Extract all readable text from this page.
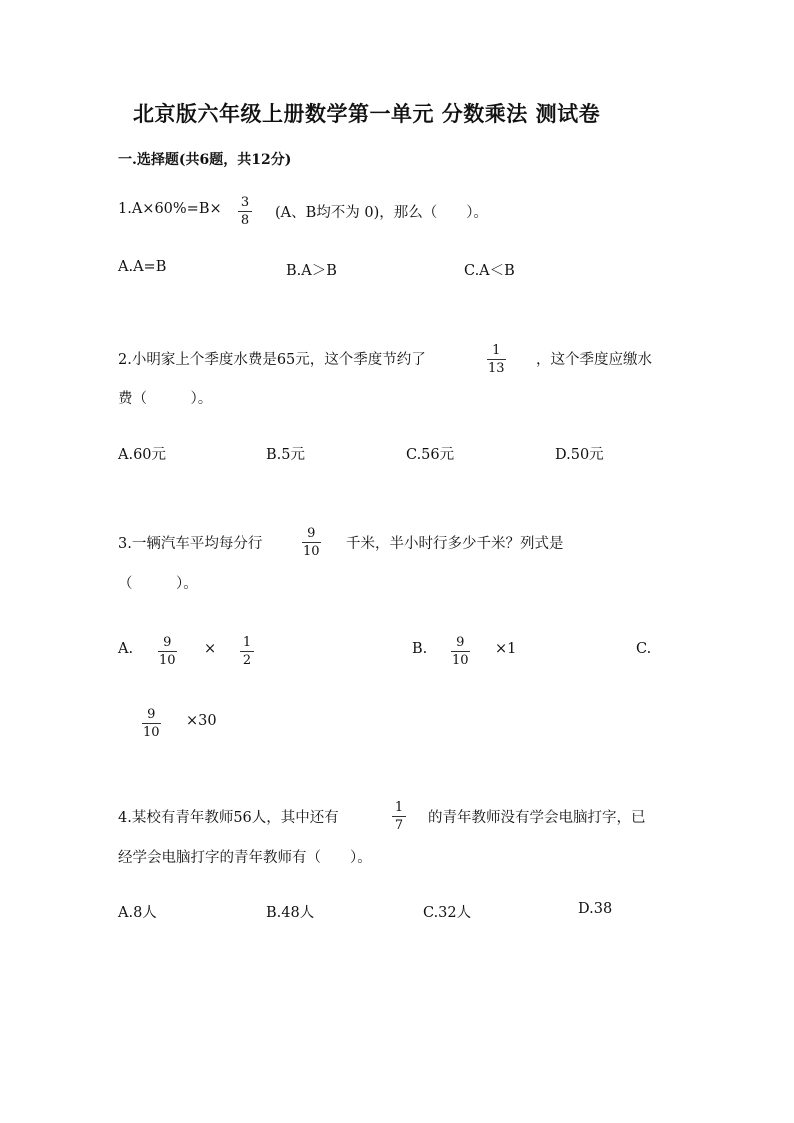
北京版六年级上册数学第一单元 分数乘法 测试卷
一.选择题(共6题，共12分)
1.A×60%=B× 3
8 (A、B均不为 0)，那么（　　）。
A.A=B	B.A＞B	C.A＜B
2.小明家上个季度水费是65元，这个季度节约了
1
13
，这个季度应缴水
费（　　　）。
A.60元	B.5元	C.56元	D.50元
3.一辆汽车平均每分行
9
10 千米，半小时行多少千米？列式是
（　　　）。
A. 9
10
× 1
2
B. 9
10
×1	C.
9
10
×30
4.某校有青年教师56人，其中还有
1
7 的青年教师没有学会电脑打字，已
经学会电脑打字的青年教师有（　　）。
A.8人	B.48人	C.32人	D.38
